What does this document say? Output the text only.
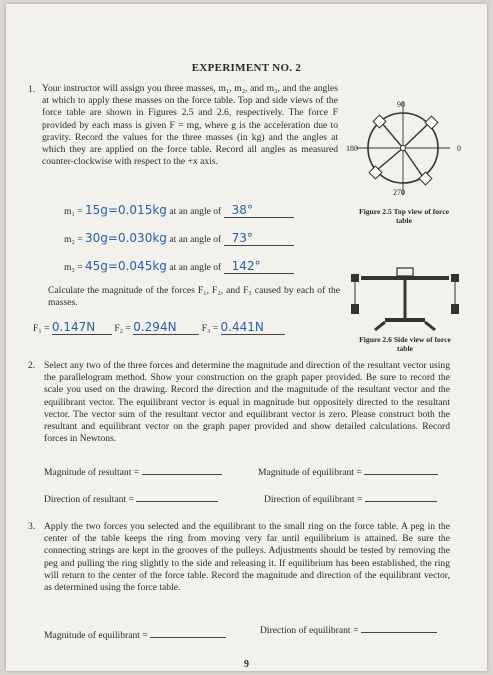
EXPERIMENT NO. 2
1. Your instructor will assign you three masses, m₁, m₂, and m₃, and the angles at which to apply these masses on the force table. Top and side views of the force table are shown in Figures 2.5 and 2.6, respectively. The force F provided by each mass is given F = mg, where g is the acceleration due to gravity. Record the values for the three masses (in kg) and the angles at which they are applied on the force table. Record all angles as measured counter-clockwise with respect to the +x axis.
90
180	0
270
Figure 2.5 Top view of force table
m₁ = 15g=0.015kg at an angle of 38°
m₂ = 30g=0.030kg at an angle of 73°
m₃ = 45g=0.045kg at an angle of 142°
Figure 2.6 Side view of force table
Calculate the magnitude of the forces F₁, F₂, and F₃ caused by each of the masses.
F₁ = 0.147N F₂ = 0.294N	F₃ = 0.441N
2. Select any two of the three forces and determine the magnitude and direction of the resultant vector using the parallelogram method. Show your construction on the graph paper provided. Be sure to record the scale you used on the drawing. Record the direction and the magnitude of the resultant vector and the equilibrant vector. The equilibrant vector is equal in magnitude but oppositely directed to the resultant vector. The vector sum of the resultant vector and equilibrant vector is zero. Please construct both the resultant and equilibrant vector on the graph paper provided and show detailed calculations. Record forces in Newtons.
Magnitude of resultant =	Magnitude of equilibrant =
Direction of resultant =	Direction of equilibrant =
3. Apply the two forces you selected and the equilibrant to the small ring on the force table. A peg in the center of the table keeps the ring from moving very far until equilibrium is attained. Be sure the connecting strings are kept in the grooves of the pulleys. Adjustments should be tested by removing the peg and pulling the ring slightly to the side and releasing it. If equilibrium has been established, the ring will return to the center of the force table. Record the magnitude and direction of the equilibrant vector, as determined using the force table.
Magnitude of equilibrant =	Direction of equilibrant =
9
